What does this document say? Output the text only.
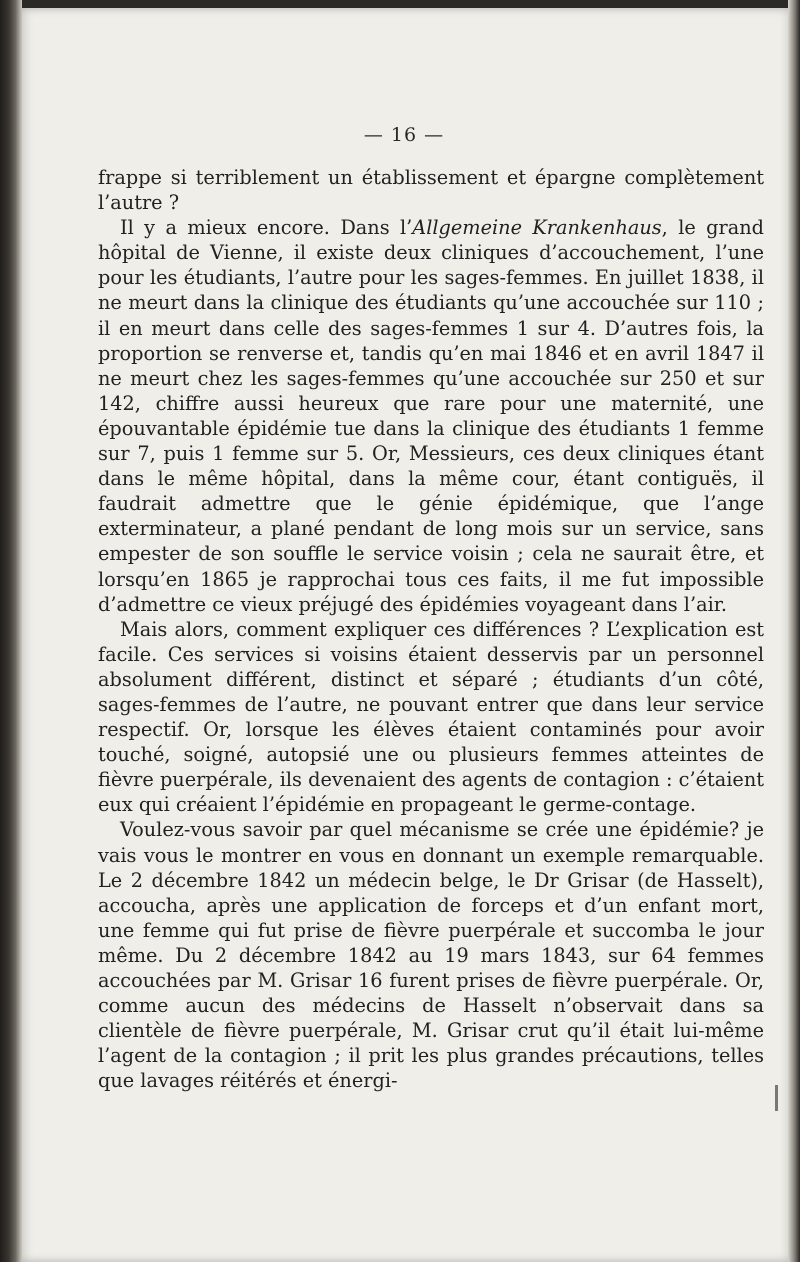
— 16 —

frappe si terriblement un établissement et épargne complètement l’autre ?

Il y a mieux encore. Dans l’Allgemeine Krankenhaus, le grand hôpital de Vienne, il existe deux cliniques d’accouchement, l’une pour les étudiants, l’autre pour les sages-femmes. En juillet 1838, il ne meurt dans la clinique des étudiants qu’une accouchée sur 110 ; il en meurt dans celle des sages-femmes 1 sur 4. D’autres fois, la proportion se renverse et, tandis qu’en mai 1846 et en avril 1847 il ne meurt chez les sages-femmes qu’une accouchée sur 250 et sur 142, chiffre aussi heureux que rare pour une maternité, une épouvantable épidémie tue dans la clinique des étudiants 1 femme sur 7, puis 1 femme sur 5. Or, Messieurs, ces deux cliniques étant dans le même hôpital, dans la même cour, étant contiguës, il faudrait admettre que le génie épidémique, que l’ange exterminateur, a plané pendant de long mois sur un service, sans empester de son souffle le service voisin ; cela ne saurait être, et lorsqu’en 1865 je rapprochai tous ces faits, il me fut impossible d’admettre ce vieux préjugé des épidémies voyageant dans l’air.

Mais alors, comment expliquer ces différences ? L’explication est facile. Ces services si voisins étaient desservis par un personnel absolument différent, distinct et séparé ; étudiants d’un côté, sages-femmes de l’autre, ne pouvant entrer que dans leur service respectif. Or, lorsque les élèves étaient contaminés pour avoir touché, soigné, autopsié une ou plusieurs femmes atteintes de fièvre puerpérale, ils devenaient des agents de contagion : c’étaient eux qui créaient l’épidémie en propageant le germe-contage.

Voulez-vous savoir par quel mécanisme se crée une épidémie? je vais vous le montrer en vous en donnant un exemple remarquable. Le 2 décembre 1842 un médecin belge, le Dr Grisar (de Hasselt), accoucha, après une application de forceps et d’un enfant mort, une femme qui fut prise de fièvre puerpérale et succomba le jour même. Du 2 décembre 1842 au 19 mars 1843, sur 64 femmes accouchées par M. Grisar 16 furent prises de fièvre puerpérale. Or, comme aucun des médecins de Hasselt n’observait dans sa clientèle de fièvre puerpérale, M. Grisar crut qu’il était lui-même l’agent de la contagion ; il prit les plus grandes précautions, telles que lavages réitérés et énergi-
